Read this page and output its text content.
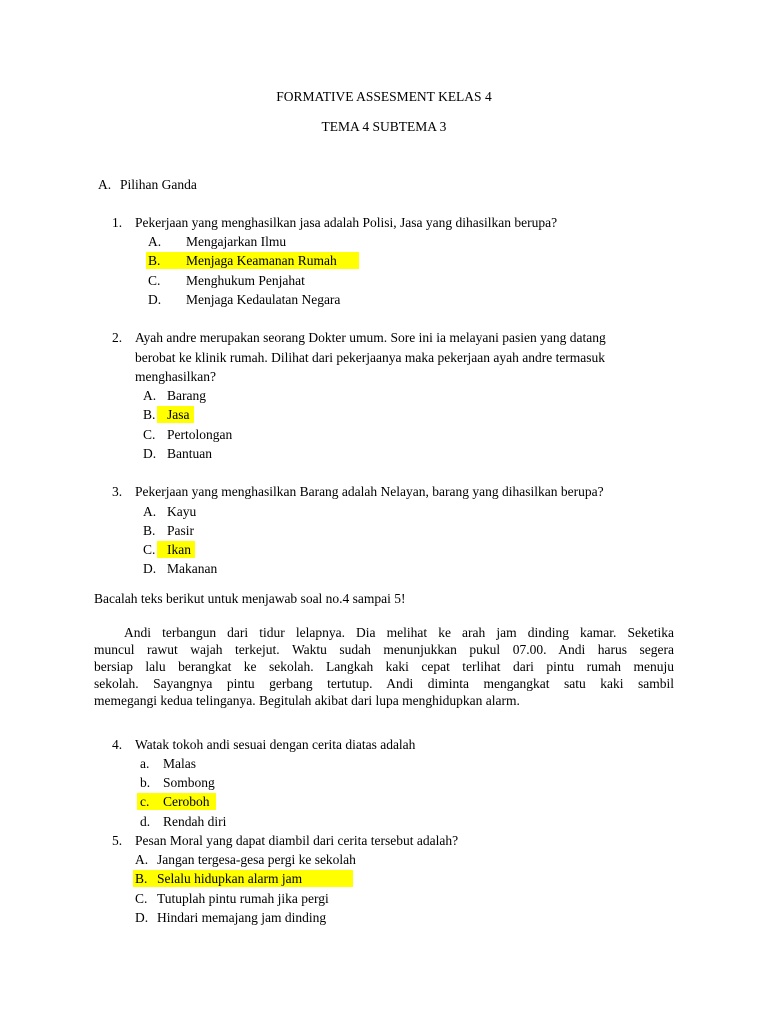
FORMATIVE ASSESMENT KELAS 4
TEMA 4 SUBTEMA 3
A. Pilihan Ganda
1. Pekerjaan yang menghasilkan jasa adalah Polisi, Jasa yang dihasilkan berupa?
A. Mengajarkan Ilmu
B. Menjaga Keamanan Rumah
C. Menghukum Penjahat
D. Menjaga Kedaulatan Negara
2. Ayah andre merupakan seorang Dokter umum. Sore ini ia melayani pasien yang datang
berobat ke klinik rumah. Dilihat dari pekerjaanya maka pekerjaan ayah andre termasuk
menghasilkan?
A. Barang
B. Jasa
C. Pertolongan
D. Bantuan
3. Pekerjaan yang menghasilkan Barang adalah Nelayan, barang yang dihasilkan berupa?
A. Kayu
B. Pasir
C. Ikan
D. Makanan
Bacalah teks berikut untuk menjawab soal no.4 sampai 5!
Andi terbangun dari tidur lelapnya. Dia melihat ke arah jam dinding kamar. Seketika
muncul rawut wajah terkejut. Waktu sudah menunjukkan pukul 07.00. Andi harus segera
bersiap lalu berangkat ke sekolah. Langkah kaki cepat terlihat dari pintu rumah menuju
sekolah. Sayangnya pintu gerbang tertutup. Andi diminta mengangkat satu kaki sambil
memegangi kedua telinganya. Begitulah akibat dari lupa menghidupkan alarm.
4. Watak tokoh andi sesuai dengan cerita diatas adalah
a. Malas
b. Sombong
c. Ceroboh
d. Rendah diri
5. Pesan Moral yang dapat diambil dari cerita tersebut adalah?
A. Jangan tergesa-gesa pergi ke sekolah
B. Selalu hidupkan alarm jam
C. Tutuplah pintu rumah jika pergi
D. Hindari memajang jam dinding
